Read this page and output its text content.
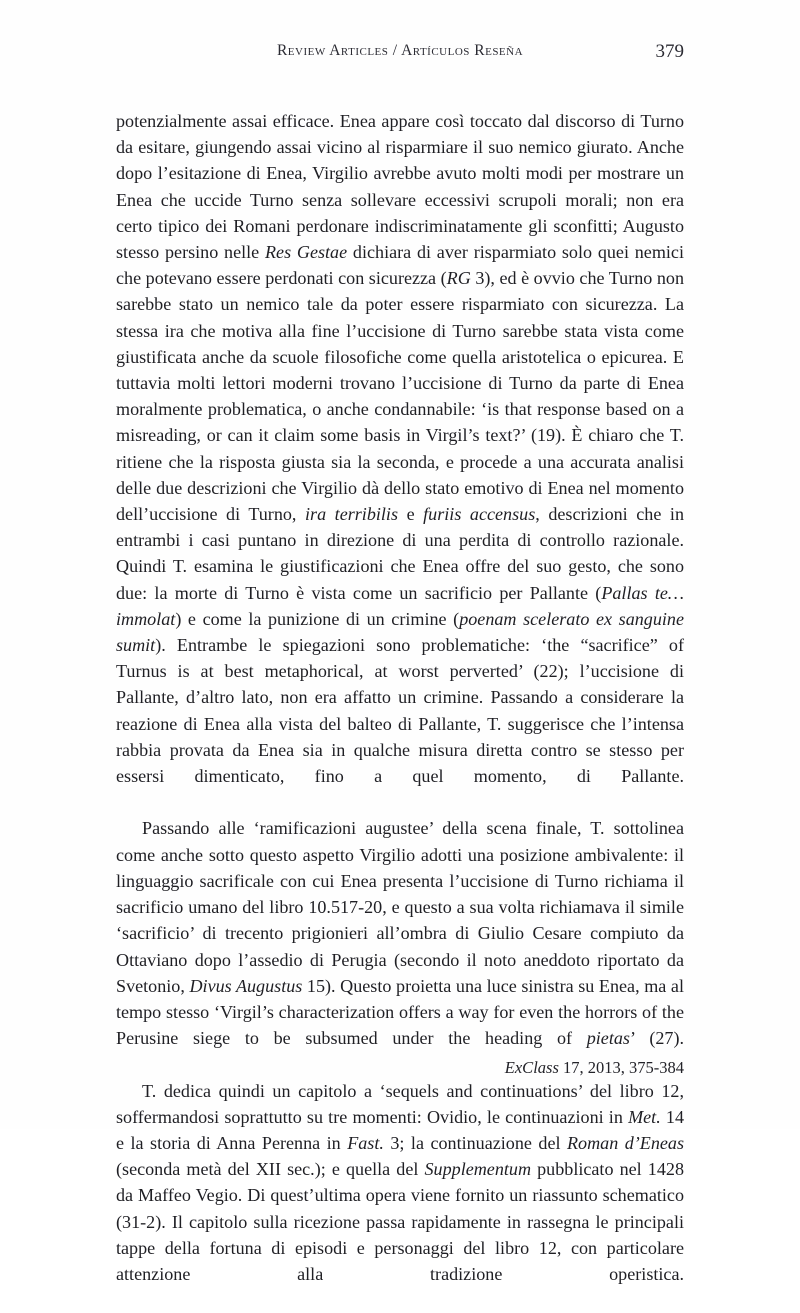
Review Articles / Artículos Reseña	379

potenzialmente assai efficace. Enea appare così toccato dal discorso di Turno da esitare, giungendo assai vicino al risparmiare il suo nemico giurato. Anche dopo l’esitazione di Enea, Virgilio avrebbe avuto molti modi per mostrare un Enea che uccide Turno senza sollevare eccessivi scrupoli morali; non era certo tipico dei Romani perdonare indiscriminatamente gli sconfitti; Augusto stesso persino nelle Res Gestae dichiara di aver risparmiato solo quei nemici che potevano essere perdonati con sicurezza (RG 3), ed è ovvio che Turno non sarebbe stato un nemico tale da poter essere risparmiato con sicurezza. La stessa ira che motiva alla fine l’uccisione di Turno sarebbe stata vista come giustificata anche da scuole filosofiche come quella aristotelica o epicurea. E tuttavia molti lettori moderni trovano l’uccisione di Turno da parte di Enea moralmente problematica, o anche condannabile: ‘is that response based on a misreading, or can it claim some basis in Virgil’s text?’ (19). È chiaro che T. ritiene che la risposta giusta sia la seconda, e procede a una accurata analisi delle due descrizioni che Virgilio dà dello stato emotivo di Enea nel momento dell’uccisione di Turno, ira terribilis e furiis accensus, descrizioni che in entrambi i casi puntano in direzione di una perdita di controllo razionale. Quindi T. esamina le giustificazioni che Enea offre del suo gesto, che sono due: la morte di Turno è vista come un sacrificio per Pallante (Pallas te… immolat) e come la punizione di un crimine (poenam scelerato ex sanguine sumit). Entrambe le spiegazioni sono problematiche: ‘the “sacrifice” of Turnus is at best metaphorical, at worst perverted’ (22); l’uccisione di Pallante, d’altro lato, non era affatto un crimine. Passando a considerare la reazione di Enea alla vista del balteo di Pallante, T. suggerisce che l’intensa rabbia provata da Enea sia in qualche misura diretta contro se stesso per essersi dimenticato, fino a quel momento, di Pallante.

Passando alle ‘ramificazioni augustee’ della scena finale, T. sottolinea come anche sotto questo aspetto Virgilio adotti una posizione ambivalente: il linguaggio sacrificale con cui Enea presenta l’uccisione di Turno richiama il sacrificio umano del libro 10.517-20, e questo a sua volta richiamava il simile ‘sacrificio’ di trecento prigionieri all’ombra di Giulio Cesare compiuto da Ottaviano dopo l’assedio di Perugia (secondo il noto aneddoto riportato da Svetonio, Divus Augustus 15). Questo proietta una luce sinistra su Enea, ma al tempo stesso ‘Virgil’s characterization offers a way for even the horrors of the Perusine siege to be subsumed under the heading of pietas’ (27).

T. dedica quindi un capitolo a ‘sequels and continuations’ del libro 12, soffermandosi soprattutto su tre momenti: Ovidio, le continuazioni in Met. 14 e la storia di Anna Perenna in Fast. 3; la continuazione del Roman d’Eneas (seconda metà del XII sec.); e quella del Supplementum pubblicato nel 1428 da Maffeo Vegio. Di quest’ultima opera viene fornito un riassunto schematico (31-2). Il capitolo sulla ricezione passa rapidamente in rassegna le principali tappe della fortuna di episodi e personaggi del libro 12, con particolare attenzione alla tradizione operistica.

ExClass 17, 2013, 375-384
